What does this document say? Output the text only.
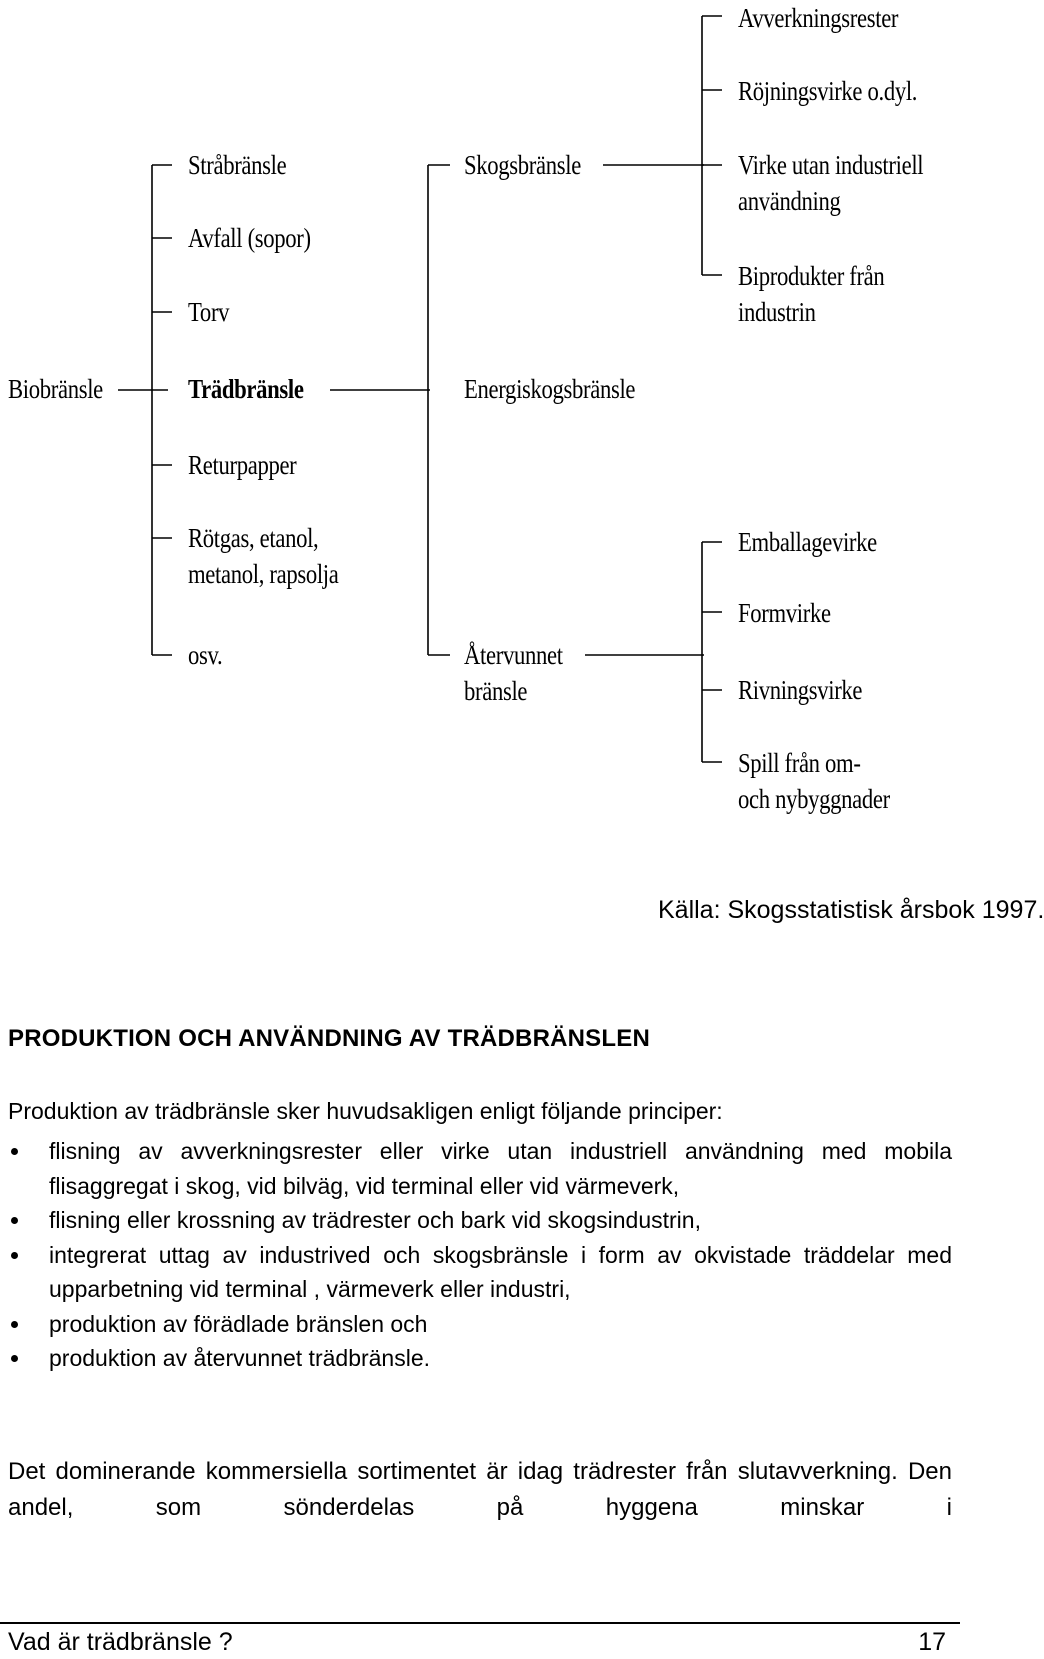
Biobränsle
Stråbränsle
Avfall (sopor)
Torv
Trädbränsle
Returpapper
Rötgas, etanol,
metanol, rapsolja
osv.
Skogsbränsle
Energiskogsbränsle
Återvunnet
bränsle
Avverkningsrester
Röjningsvirke o.dyl.
Virke utan industriell
användning
Biprodukter från
industrin
Emballagevirke
Formvirke
Rivningsvirke
Spill från om-
och nybyggnader
Källa: Skogsstatistisk årsbok 1997.
PRODUKTION OCH ANVÄNDNING AV TRÄDBRÄNSLEN
Produktion av trädbränsle sker huvudsakligen enligt följande principer:
flisning av avverkningsrester eller virke utan industriell användning med mobila flisaggregat i skog, vid bilväg, vid terminal eller vid värmeverk,
flisning eller krossning av trädrester och bark vid skogsindustrin,
integrerat uttag av industrived och skogsbränsle i form av okvistade träddelar med upparbetning vid terminal , värmeverk eller industri,
produktion av förädlade bränslen och
produktion av återvunnet trädbränsle.

Det dominerande kommersiella sortimentet är idag trädrester från slutavverkning. Den andel, som sönderdelas på hyggena minskar i

Vad är trädbränsle ?	17
